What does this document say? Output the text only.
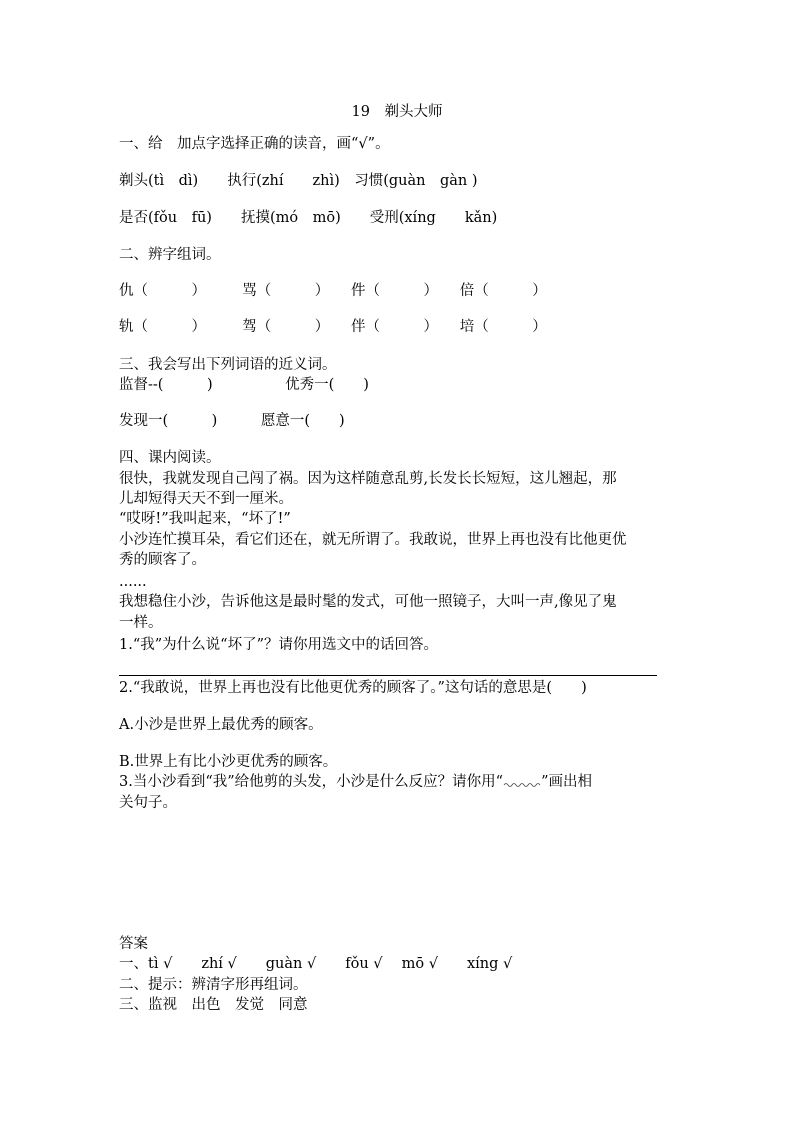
19　剃头大师
一、给　加点字选择正确的读音，画“√”。
剃头(tì　dì)　　执行(zhí　　zhì)　习惯(guàn　gàn )
是否(fǒu　fū)　　抚摸(mó　mō)　　受刑(xíng　　kǎn)
二、辨字组词。
仇（　　　）　　　骂（　　　）　　件（　　　）　　倍（　　　）
轨（　　　）　　　驾（　　　）　　伴（　　　）　　培（　　　）
三、我会写出下列词语的近义词。
监督--(　　　)　　　　　优秀一(　　)
发现一(　　　)　　　愿意一(　　)
四、课内阅读。
很快，我就发现自己闯了祸。因为这样随意乱剪,长发长长短短，这儿翘起，那
儿却短得天天不到一厘米。
“哎呀!”我叫起来，“坏了!”
小沙连忙摸耳朵，看它们还在，就无所谓了。我敢说，世界上再也没有比他更优
秀的顾客了。
......
我想稳住小沙，告诉他这是最时髦的发式，可他一照镜子，大叫一声,像见了鬼
一样。
1.“我”为什么说“坏了”？请你用选文中的话回答。
2.“我敢说，世界上再也没有比他更优秀的顾客了。”这句话的意思是(　　)
A.小沙是世界上最优秀的顾客。
B.世界上有比小沙更优秀的顾客。
3.当小沙看到“我”给他剪的头发，小沙是什么反应？请你用“	”画出相
关句子。
答案
一、tì √　　zhí √　　guàn √　　fǒu √　 mō √　　xíng √
二、提示：辨清字形再组词。
三、监视　出色　发觉　同意
